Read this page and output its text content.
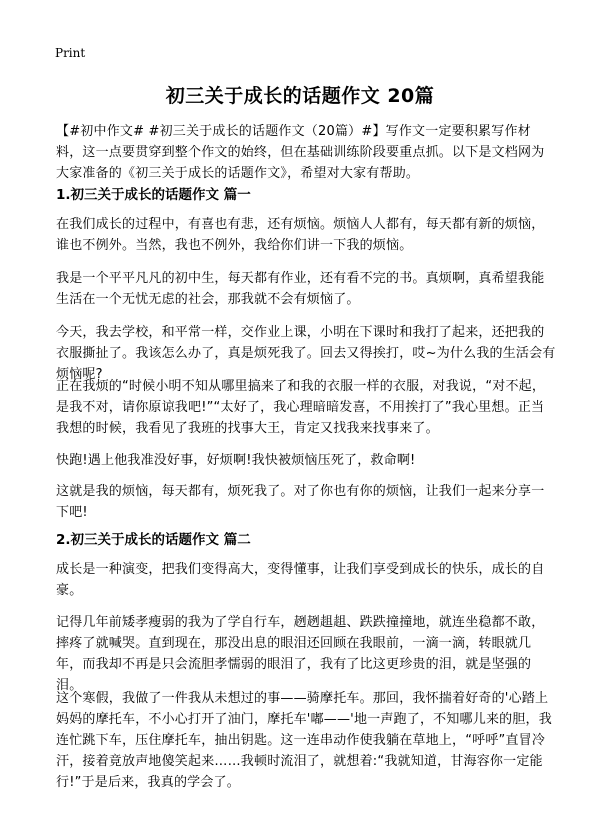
Print
初三关于成长的话题作文 20篇
【#初中作文# #初三关于成长的话题作文（20篇）#】写作文一定要积累写作材料，这一点要贯穿到整个作文的始终，但在基础训练阶段要重点抓。以下是文档网为大家准备的《初三关于成长的话题作文》，希望对大家有帮助。
1.初三关于成长的话题作文 篇一
在我们成长的过程中，有喜也有悲，还有烦恼。烦恼人人都有，每天都有新的烦恼，谁也不例外。当然，我也不例外，我给你们讲一下我的烦恼。
我是一个平平凡凡的初中生，每天都有作业，还有看不完的书。真烦啊，真希望我能生活在一个无忧无虑的社会，那我就不会有烦恼了。
今天，我去学校，和平常一样，交作业上课，小明在下课时和我打了起来，还把我的衣服撕扯了。我该怎么办了，真是烦死我了。回去又得挨打，哎~为什么我的生活会有烦恼呢?
正在我烦的“时候小明不知从哪里搞来了和我的衣服一样的衣服，对我说，“对不起，是我不对，请你原谅我吧!”“太好了，我心理暗暗发喜，不用挨打了”我心里想。正当我想的时候，我看见了我班的找事大王，肯定又找我来找事来了。
快跑!遇上他我准没好事，好烦啊!我快被烦恼压死了，救命啊!
这就是我的烦恼，每天都有，烦死我了。对了你也有你的烦恼，让我们一起来分享一下吧!
2.初三关于成长的话题作文 篇二
成长是一种演变，把我们变得高大，变得懂事，让我们享受到成长的快乐，成长的自豪。
记得几年前矮孝瘦弱的我为了学自行车，趔趔趄趄、跌跌撞撞地，就连坐稳都不敢，摔疼了就喊哭。直到现在，那没出息的眼泪还回顾在我眼前，一滴一滴，转眼就几年，而我却不再是只会流胆孝懦弱的眼泪了，我有了比这更珍贵的泪，就是坚强的泪。
这个寒假，我做了一件我从未想过的事——骑摩托车。那回，我怀揣着好奇的'心踏上妈妈的摩托车，不小心打开了油门，摩托车'嘟——'地一声跑了，不知哪儿来的胆，我连忙跳下车，压住摩托车，抽出钥匙。这一连串动作使我躺在草地上，“呼呼”直冒冷汗，接着竟放声地傻笑起来……我顿时流泪了，就想着:“我就知道，甘海容你一定能行!”于是后来，我真的学会了。
